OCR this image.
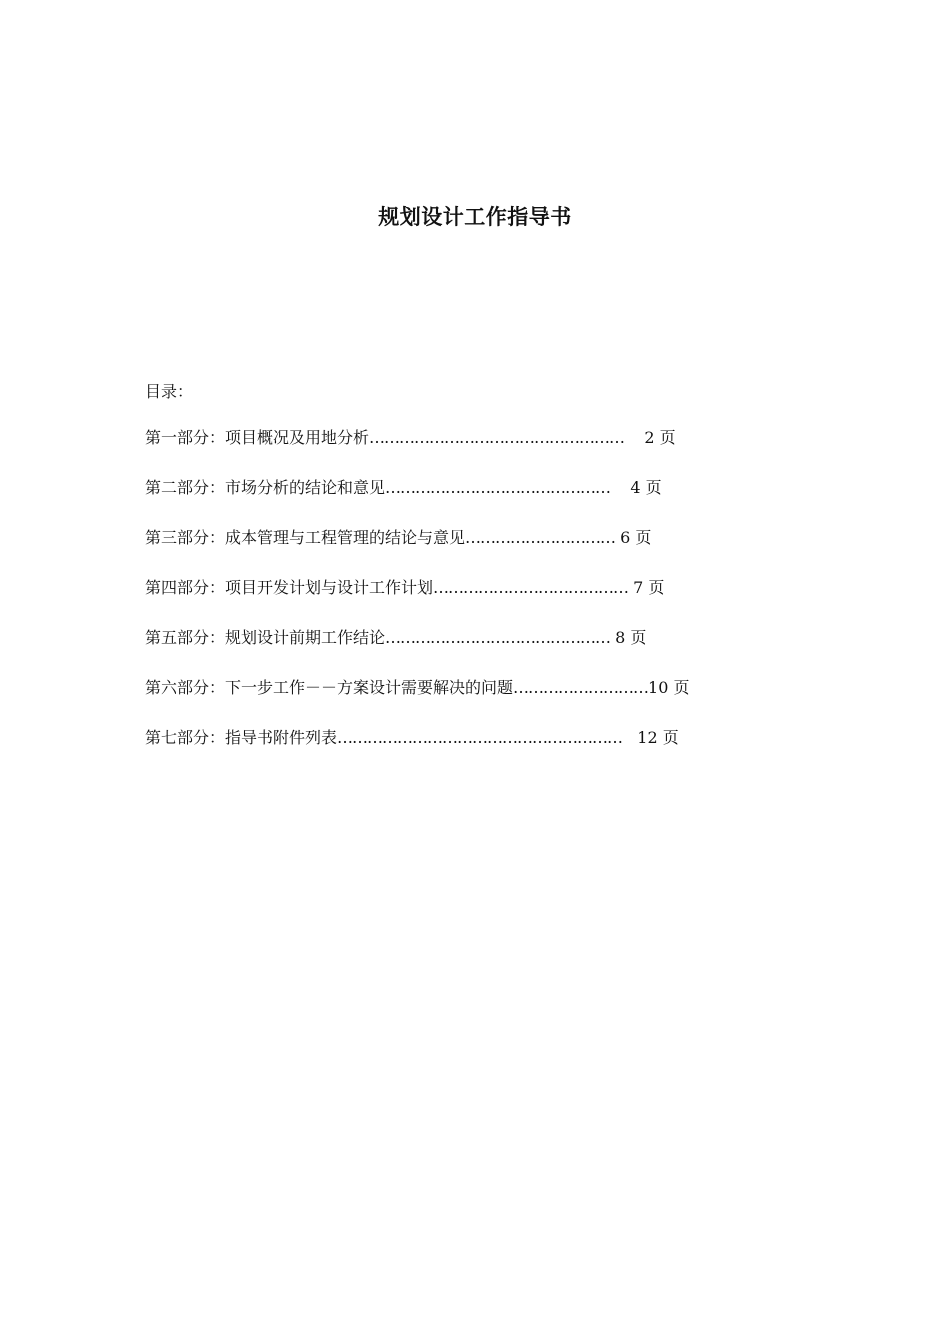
规划设计工作指导书
目录：
第一部分：项目概况及用地分析…………………………………………… 2 页
第二部分：市场分析的结论和意见……………………………………… 4 页
第三部分：成本管理与工程管理的结论与意见………………………… 6 页
第四部分：项目开发计划与设计工作计划………………………………… 7 页
第五部分：规划设计前期工作结论……………………………………… 8 页
第六部分：下一步工作－－方案设计需要解决的问题………………………10 页
第七部分：指导书附件列表………………………………………………… 12 页
